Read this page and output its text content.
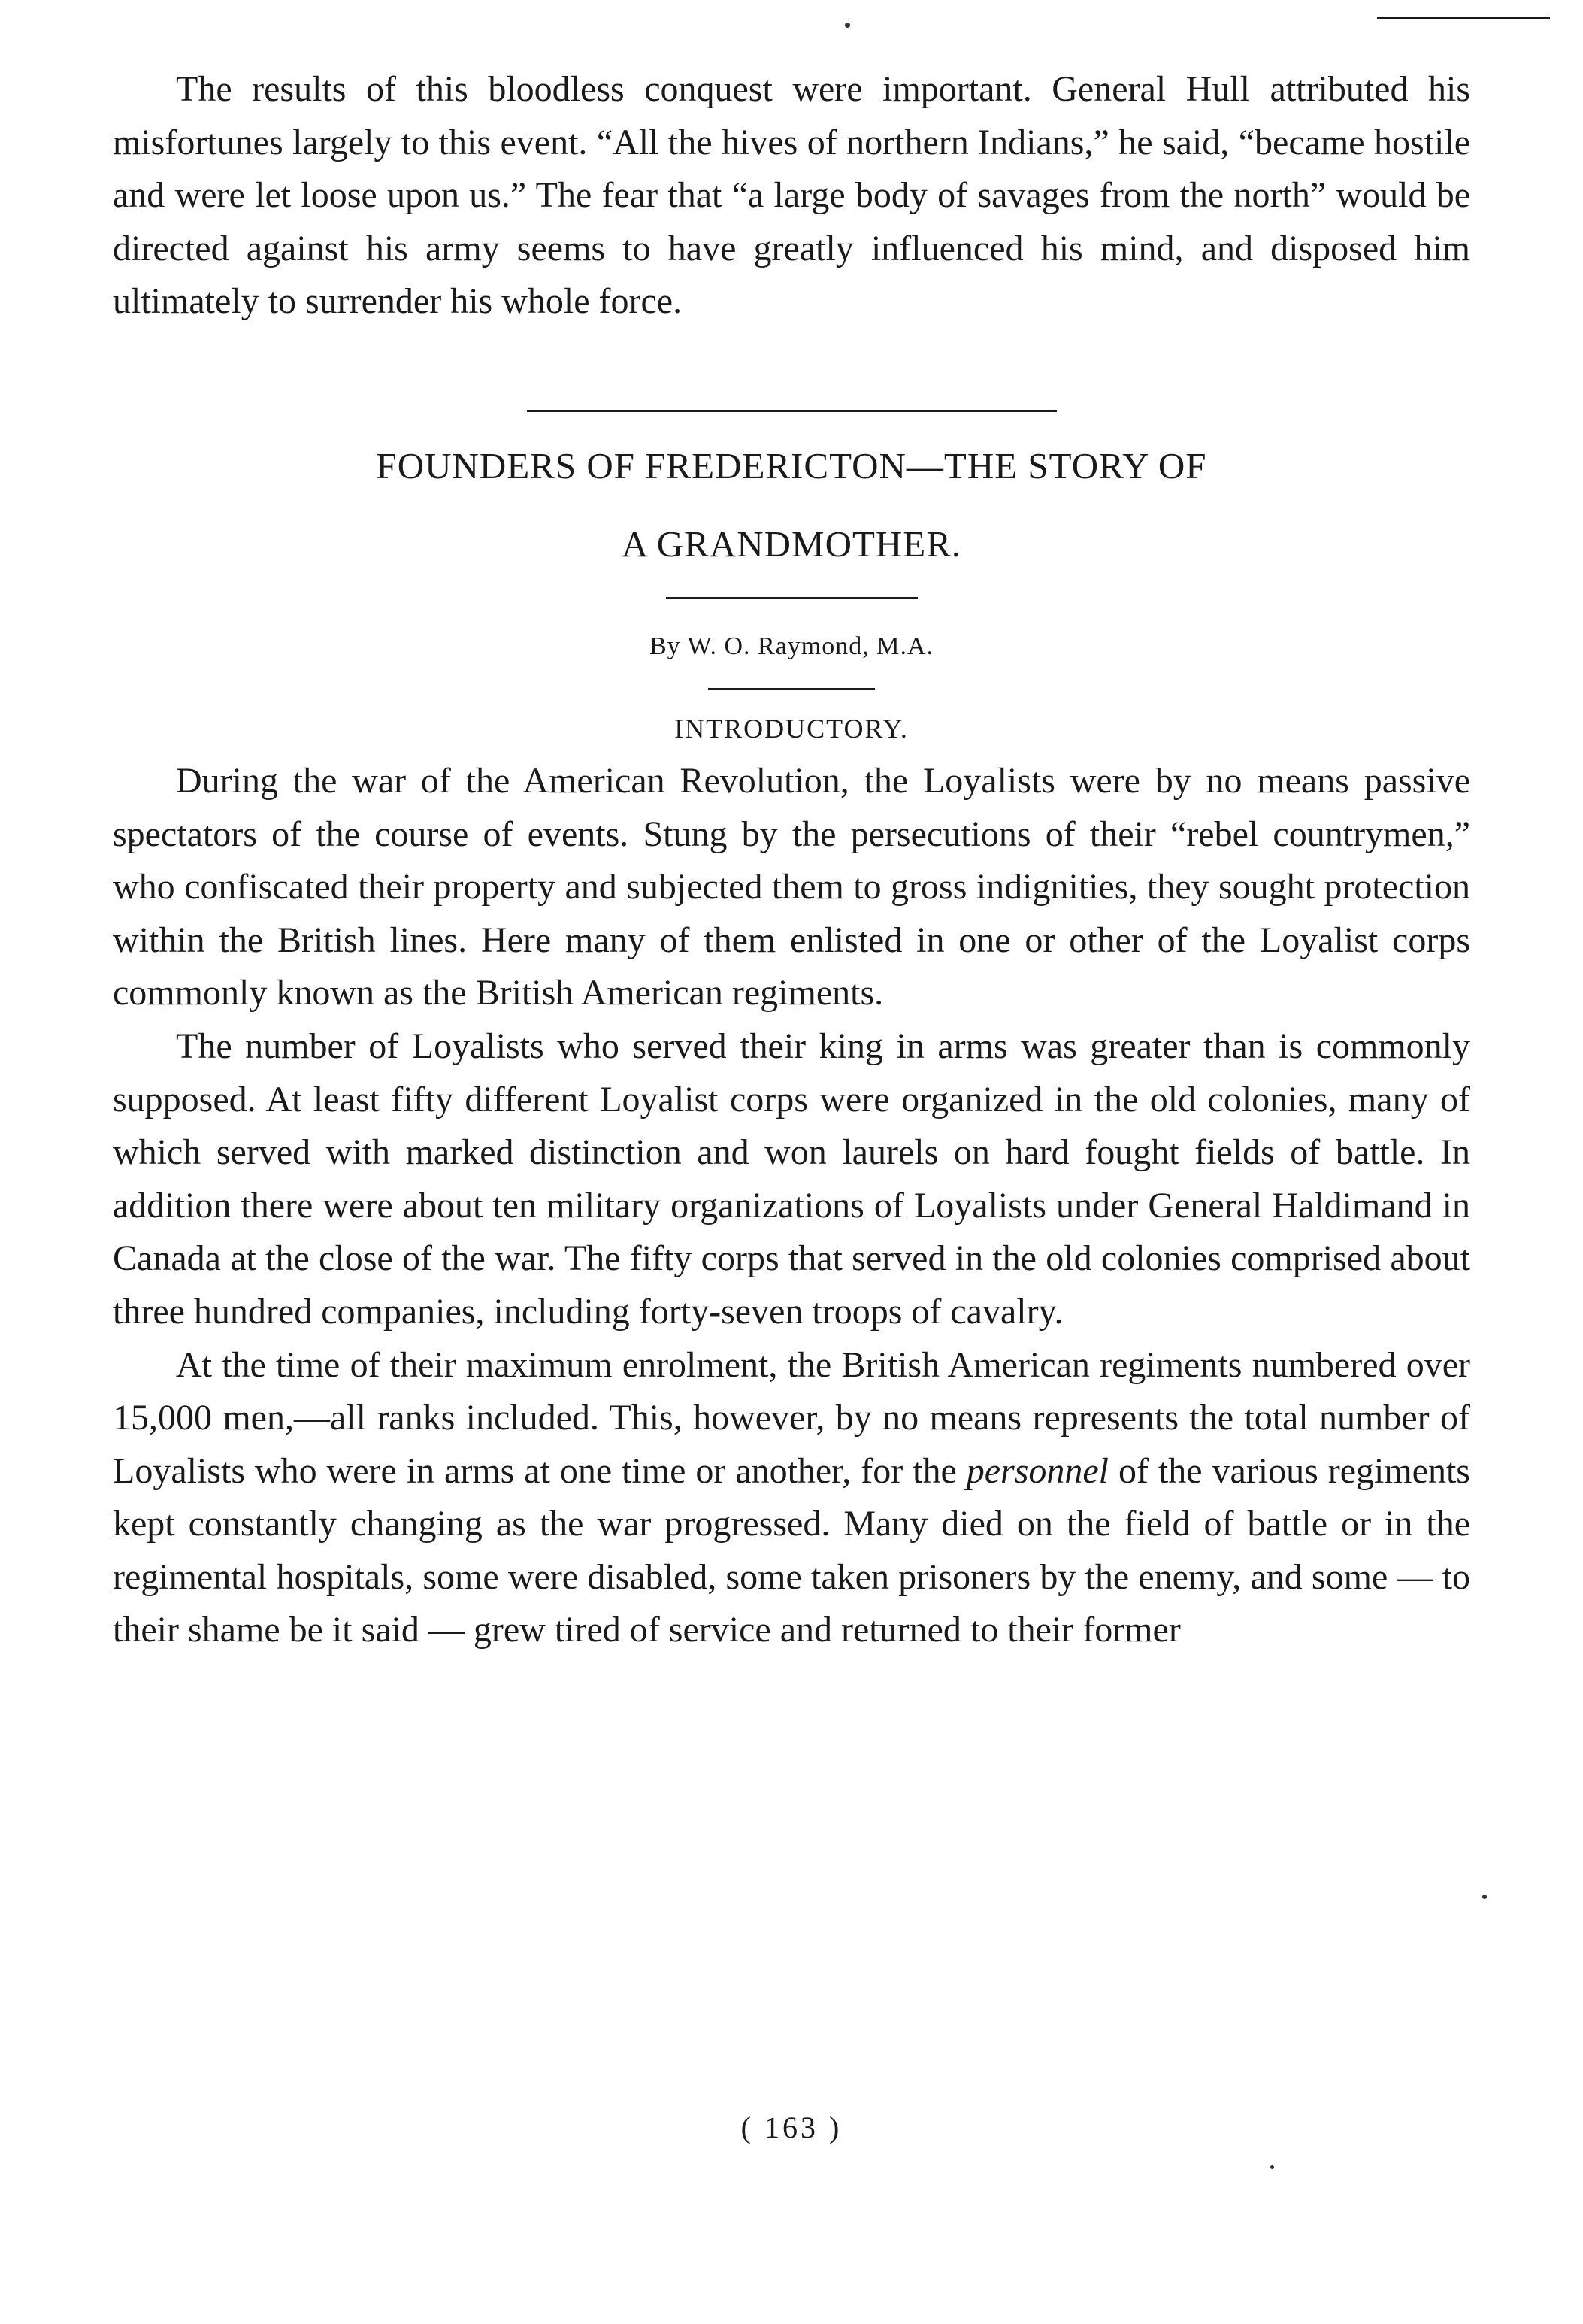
The results of this bloodless conquest were important. General Hull attributed his misfortunes largely to this event. “All the hives of northern Indians,” he said, “became hostile and were let loose upon us.” The fear that “a large body of savages from the north” would be directed against his army seems to have greatly influenced his mind, and disposed him ultimately to surrender his whole force.

FOUNDERS OF FREDERICTON—THE STORY OF
A GRANDMOTHER.
By W. O. Raymond, M.A.
INTRODUCTORY.

During the war of the American Revolution, the Loyalists were by no means passive spectators of the course of events. Stung by the persecutions of their “rebel countrymen,” who confiscated their property and subjected them to gross indignities, they sought protection within the British lines. Here many of them enlisted in one or other of the Loyalist corps commonly known as the British American regiments.

The number of Loyalists who served their king in arms was greater than is commonly supposed. At least fifty different Loyalist corps were organized in the old colonies, many of which served with marked distinction and won laurels on hard fought fields of battle. In addition there were about ten military organizations of Loyalists under General Haldimand in Canada at the close of the war. The fifty corps that served in the old colonies comprised about three hundred companies, including forty-seven troops of cavalry.

At the time of their maximum enrolment, the British American regiments numbered over 15,000 men,—all ranks included. This, however, by no means represents the total number of Loyalists who were in arms at one time or another, for the personnel of the various regiments kept constantly changing as the war progressed. Many died on the field of battle or in the regimental hospitals, some were disabled, some taken prisoners by the enemy, and some — to their shame be it said — grew tired of service and returned to their former

( 163 )
